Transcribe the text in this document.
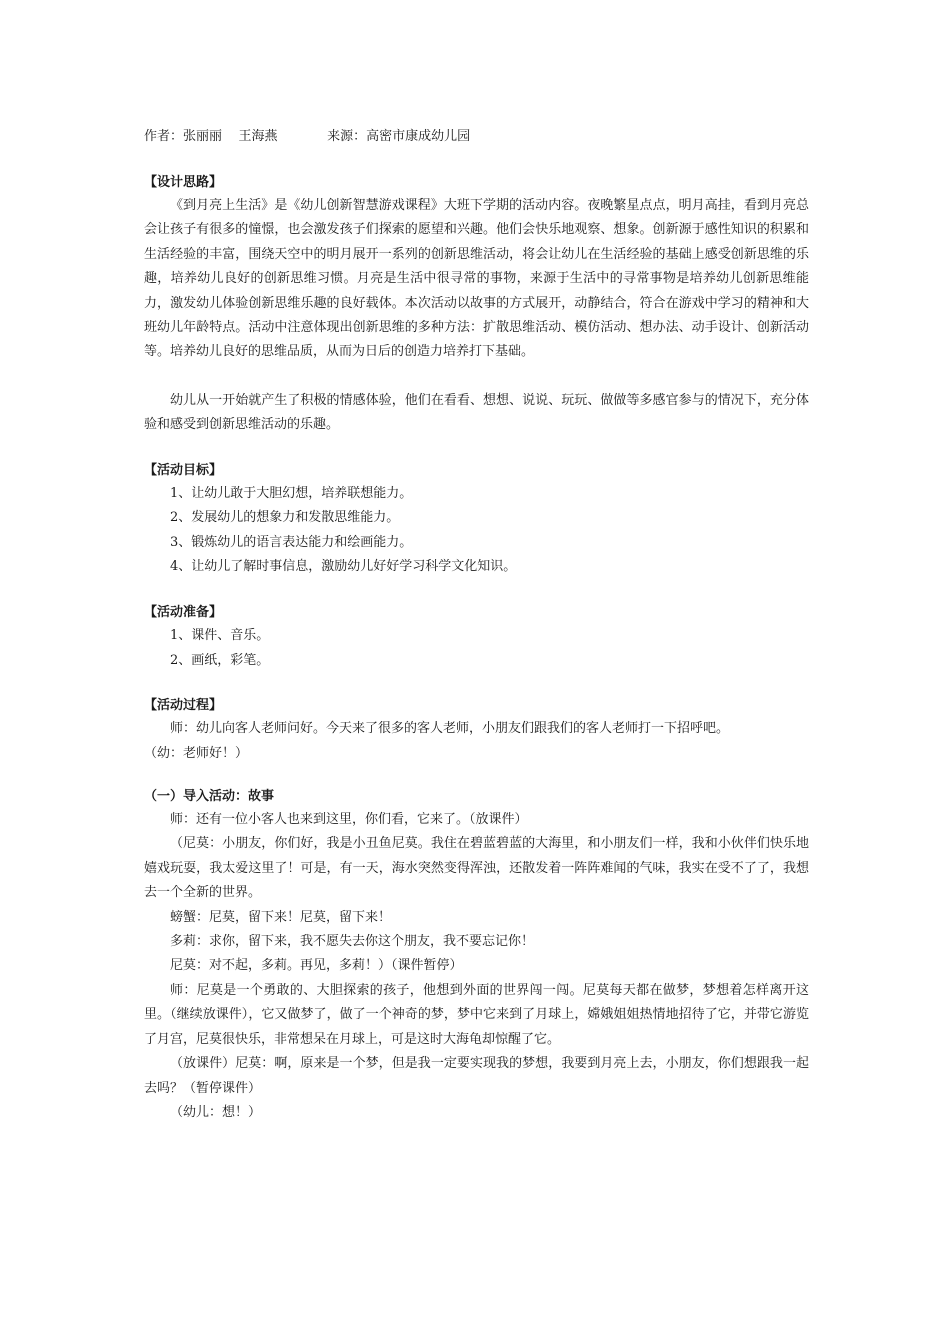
作者：张丽丽    王海燕            来源：高密市康成幼儿园
【设计思路】

《到月亮上生活》是《幼儿创新智慧游戏课程》大班下学期的活动内容。夜晚繁星点点，明月高挂，看到月亮总会让孩子有很多的憧憬，也会激发孩子们探索的愿望和兴趣。他们会快乐地观察、想象。创新源于感性知识的积累和生活经验的丰富，围绕天空中的明月展开一系列的创新思维活动，将会让幼儿在生活经验的基础上感受创新思维的乐趣，培养幼儿良好的创新思维习惯。月亮是生活中很寻常的事物，来源于生活中的寻常事物是培养幼儿创新思维能力，激发幼儿体验创新思维乐趣的良好载体。本次活动以故事的方式展开，动静结合，符合在游戏中学习的精神和大班幼儿年龄特点。活动中注意体现出创新思维的多种方法：扩散思维活动、模仿活动、想办法、动手设计、创新活动等。培养幼儿良好的思维品质，从而为日后的创造力培养打下基础。

幼儿从一开始就产生了积极的情感体验，他们在看看、想想、说说、玩玩、做做等多感官参与的情况下，充分体验和感受到创新思维活动的乐趣。

【活动目标】

1、让幼儿敢于大胆幻想，培养联想能力。

2、发展幼儿的想象力和发散思维能力。

3、锻炼幼儿的语言表达能力和绘画能力。

4、让幼儿了解时事信息，激励幼儿好好学习科学文化知识。

【活动准备】

1、课件、音乐。

2、画纸，彩笔。

【活动过程】

师：幼儿向客人老师问好。今天来了很多的客人老师，小朋友们跟我们的客人老师打一下招呼吧。

（幼：老师好！）

（一）导入活动：故事

师：还有一位小客人也来到这里，你们看，它来了。（放课件）

（尼莫：小朋友，你们好，我是小丑鱼尼莫。我住在碧蓝碧蓝的大海里，和小朋友们一样，我和小伙伴们快乐地嬉戏玩耍，我太爱这里了！可是，有一天，海水突然变得浑浊，还散发着一阵阵难闻的气味，我实在受不了了，我想去一个全新的世界。

螃蟹：尼莫，留下来！尼莫，留下来！

多莉：求你，留下来，我不愿失去你这个朋友，我不要忘记你！

尼莫：对不起，多莉。再见，多莉！）（课件暂停）

师：尼莫是一个勇敢的、大胆探索的孩子，他想到外面的世界闯一闯。尼莫每天都在做梦，梦想着怎样离开这里。（继续放课件），它又做梦了，做了一个神奇的梦，梦中它来到了月球上，嫦娥姐姐热情地招待了它，并带它游览了月宫，尼莫很快乐，非常想呆在月球上，可是这时大海龟却惊醒了它。

（放课件）尼莫：啊，原来是一个梦，但是我一定要实现我的梦想，我要到月亮上去，小朋友，你们想跟我一起去吗？（暂停课件）

（幼儿：想！）
